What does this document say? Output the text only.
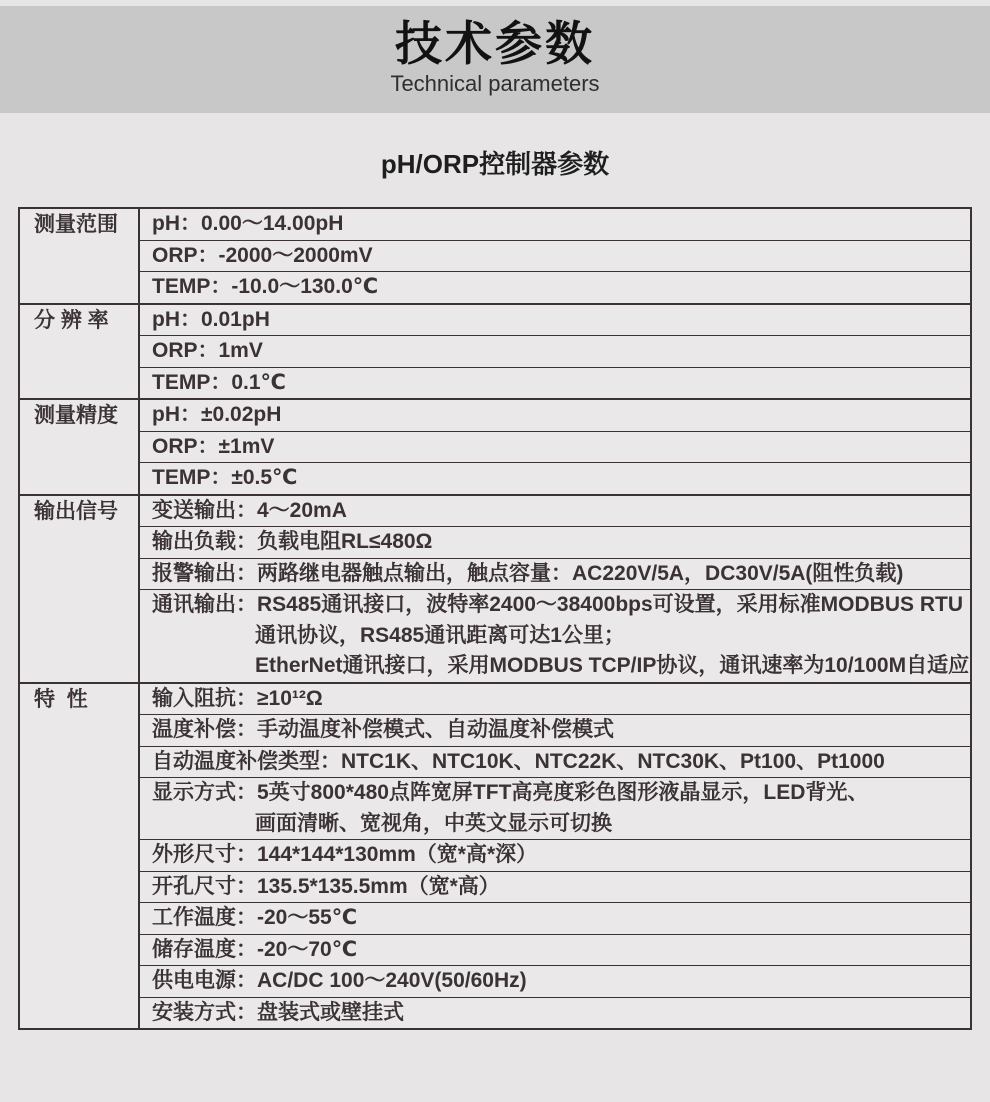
技术参数
Technical parameters
pH/ORP控制器参数
测量范围	pH：0.00～14.00pH
ORP：-2000～2000mV
TEMP：-10.0～130.0℃
分 辨 率	pH：0.01pH
ORP：1mV
TEMP：0.1℃
测量精度	pH：±0.02pH
ORP：±1mV
TEMP：±0.5℃
输出信号	变送输出：4～20mA
输出负载：负载电阻RL≤480Ω
报警输出：两路继电器触点输出，触点容量：AC220V/5A，DC30V/5A(阻性负载)
通讯输出：RS485通讯接口，波特率2400～38400bps可设置，采用标准MODBUS RTU
通讯协议，RS485通讯距离可达1公里；
EtherNet通讯接口，采用MODBUS TCP/IP协议，通讯速率为10/100M自适应
特  性	输入阻抗：≥10¹²Ω
温度补偿：手动温度补偿模式、自动温度补偿模式
自动温度补偿类型：NTC1K、NTC10K、NTC22K、NTC30K、Pt100、Pt1000
显示方式：5英寸800*480点阵宽屏TFT高亮度彩色图形液晶显示，LED背光、
画面清晰、宽视角，中英文显示可切换
外形尺寸：144*144*130mm（宽*高*深）
开孔尺寸：135.5*135.5mm（宽*高）
工作温度：-20～55℃
储存温度：-20～70℃
供电电源：AC/DC 100～240V(50/60Hz)
安装方式：盘装式或壁挂式
